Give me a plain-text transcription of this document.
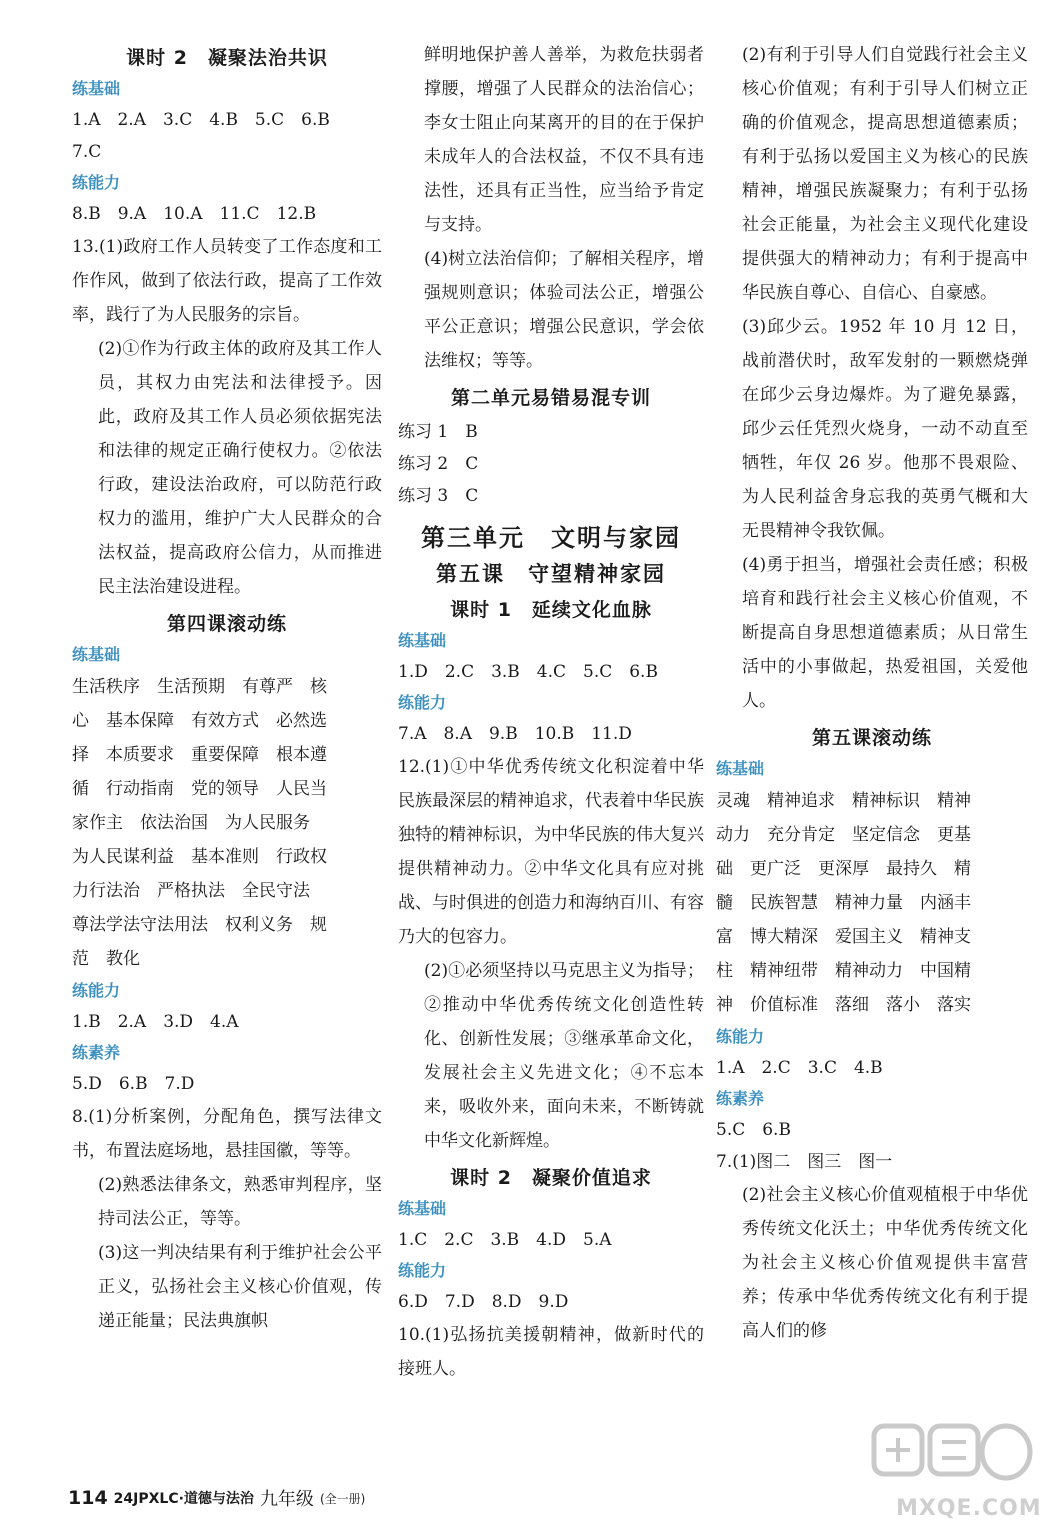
课时 2　凝聚法治共识
练基础
1.A　2.A　3.C　4.B　5.C　6.B
7.C
练能力
8.B　9.A　10.A　11.C　12.B

13.(1)政府工作人员转变了工作态度和工作作风，做到了依法行政，提高了工作效率，践行了为人民服务的宗旨。

(2)①作为行政主体的政府及其工作人员，其权力由宪法和法律授予。因此，政府及其工作人员必须依据宪法和法律的规定正确行使权力。②依法行政，建设法治政府，可以防范行政权力的滥用，维护广大人民群众的合法权益，提高政府公信力，从而推进民主法治建设进程。

第四课滚动练
练基础
生活秩序　生活预期　有尊严　核
心　基本保障　有效方式　必然选
择　本质要求　重要保障　根本遵
循　行动指南　党的领导　人民当
家作主　依法治国　为人民服务
为人民谋利益　基本准则　行政权
力行法治　严格执法　全民守法
尊法学法守法用法　权利义务　规
范　教化
练能力
1.B　2.A　3.D　4.A
练素养
5.D　6.B　7.D

8.(1)分析案例，分配角色，撰写法律文书，布置法庭场地，悬挂国徽，等等。

(2)熟悉法律条文，熟悉审判程序，坚持司法公正，等等。

(3)这一判决结果有利于维护社会公平正义，弘扬社会主义核心价值观，传递正能量；民法典旗帜

鲜明地保护善人善举，为救危扶弱者撑腰，增强了人民群众的法治信心；李女士阻止向某离开的目的在于保护未成年人的合法权益，不仅不具有违法性，还具有正当性，应当给予肯定与支持。

(4)树立法治信仰；了解相关程序，增强规则意识；体验司法公正，增强公平公正意识；增强公民意识，学会依法维权；等等。

第二单元易错易混专训
练习 1　B
练习 2　C
练习 3　C
第三单元　文明与家园
第五课　守望精神家园
课时 1　延续文化血脉
练基础
1.D　2.C　3.B　4.C　5.C　6.B
练能力
7.A　8.A　9.B　10.B　11.D

12.(1)①中华优秀传统文化积淀着中华民族最深层的精神追求，代表着中华民族独特的精神标识，为中华民族的伟大复兴提供精神动力。②中华文化具有应对挑战、与时俱进的创造力和海纳百川、有容乃大的包容力。

(2)①必须坚持以马克思主义为指导；②推动中华优秀传统文化创造性转化、创新性发展；③继承革命文化，发展社会主义先进文化；④不忘本来，吸收外来，面向未来，不断铸就中华文化新辉煌。

课时 2　凝聚价值追求
练基础
1.C　2.C　3.B　4.D　5.A
练能力
6.D　7.D　8.D　9.D

10.(1)弘扬抗美援朝精神，做新时代的接班人。

(2)有利于引导人们自觉践行社会主义核心价值观；有利于引导人们树立正确的价值观念，提高思想道德素质；有利于弘扬以爱国主义为核心的民族精神，增强民族凝聚力；有利于弘扬社会正能量，为社会主义现代化建设提供强大的精神动力；有利于提高中华民族自尊心、自信心、自豪感。

(3)邱少云。1952 年 10 月 12 日，战前潜伏时，敌军发射的一颗燃烧弹在邱少云身边爆炸。为了避免暴露，邱少云任凭烈火烧身，一动不动直至牺牲，年仅 26 岁。他那不畏艰险、为人民利益舍身忘我的英勇气概和大无畏精神令我钦佩。

(4)勇于担当，增强社会责任感；积极培育和践行社会主义核心价值观，不断提高自身思想道德素质；从日常生活中的小事做起，热爱祖国，关爱他人。

第五课滚动练
练基础
灵魂　精神追求　精神标识　精神
动力　充分肯定　坚定信念　更基
础　更广泛　更深厚　最持久　精
髓　民族智慧　精神力量　内涵丰
富　博大精深　爱国主义　精神支
柱　精神纽带　精神动力　中国精
神　价值标准　落细　落小　落实
练能力
1.A　2.C　3.C　4.B
练素养
5.C　6.B
7.(1)图二　图三　图一

(2)社会主义核心价值观植根于中华优秀传统文化沃土；中华优秀传统文化为社会主义核心价值观提供丰富营养；传承中华优秀传统文化有利于提高人们的修

114 24JPXLC·道德与法治 九年级 (全一册)	MXQE.COM
